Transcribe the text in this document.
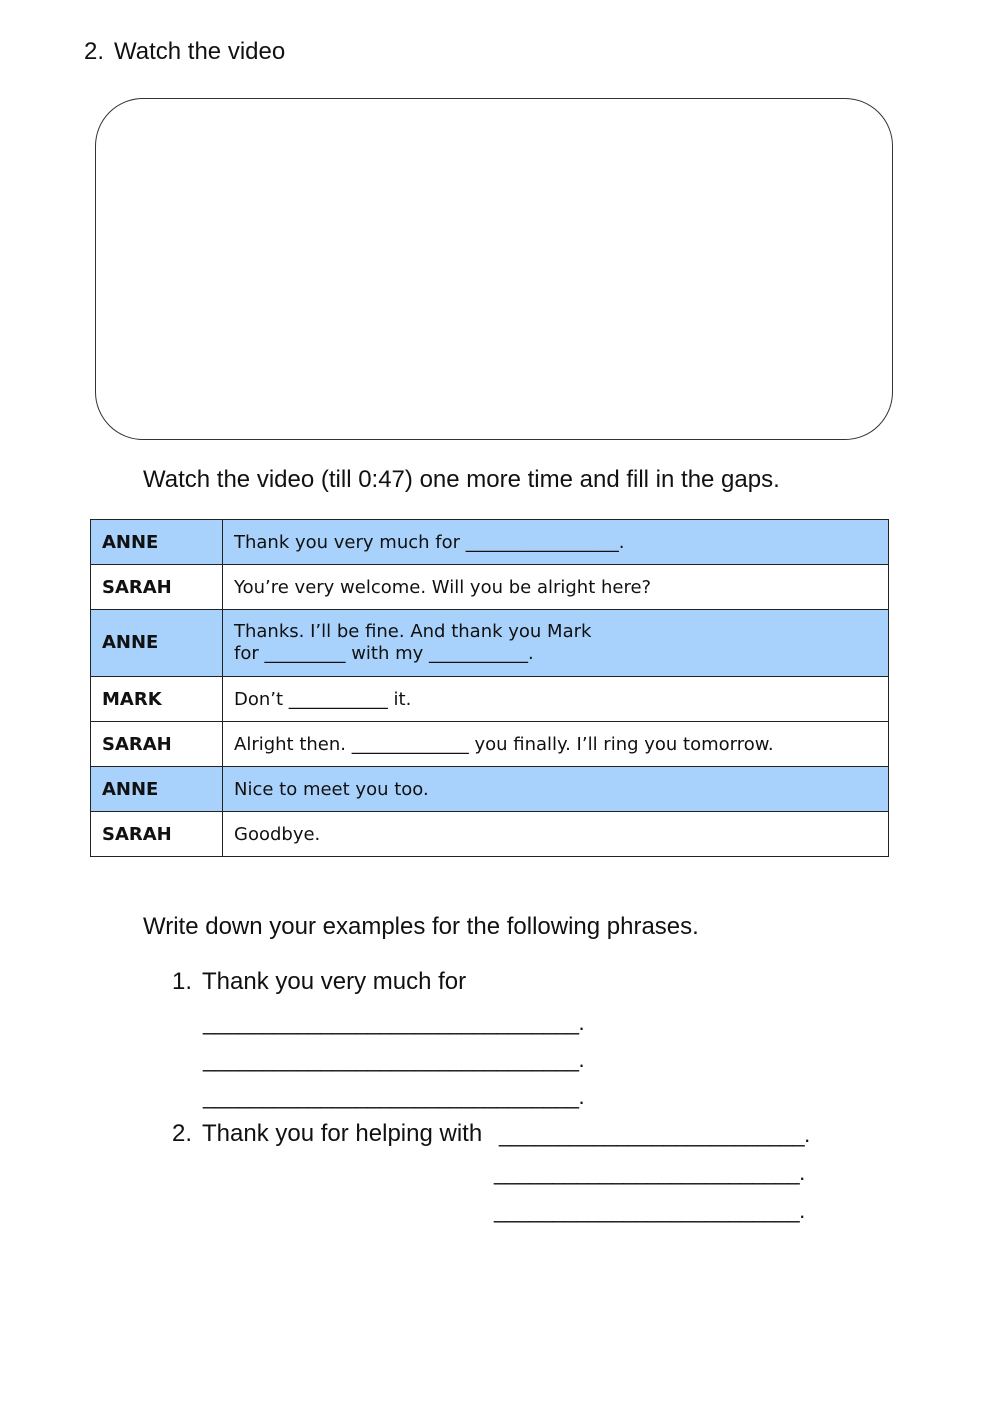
2. Watch the video
Watch the video (till 0:47) one more time and fill in the gaps.
ANNE	Thank you very much for _________________.
SARAH	You’re very welcome. Will you be alright here?
ANNE	Thanks. I’ll be fine. And thank you Mark
for _________ with my ___________.

MARK	Don’t ___________ it.
SARAH	Alright then. _____________ you finally. I’ll ring you tomorrow.
ANNE	Nice to meet you too.
SARAH	Goodbye.
Write down your examples for the following phrases.
1. Thank you very much for
________________________________.
________________________________.
________________________________.
2. Thank you for helping with __________________________.
__________________________.
__________________________.
